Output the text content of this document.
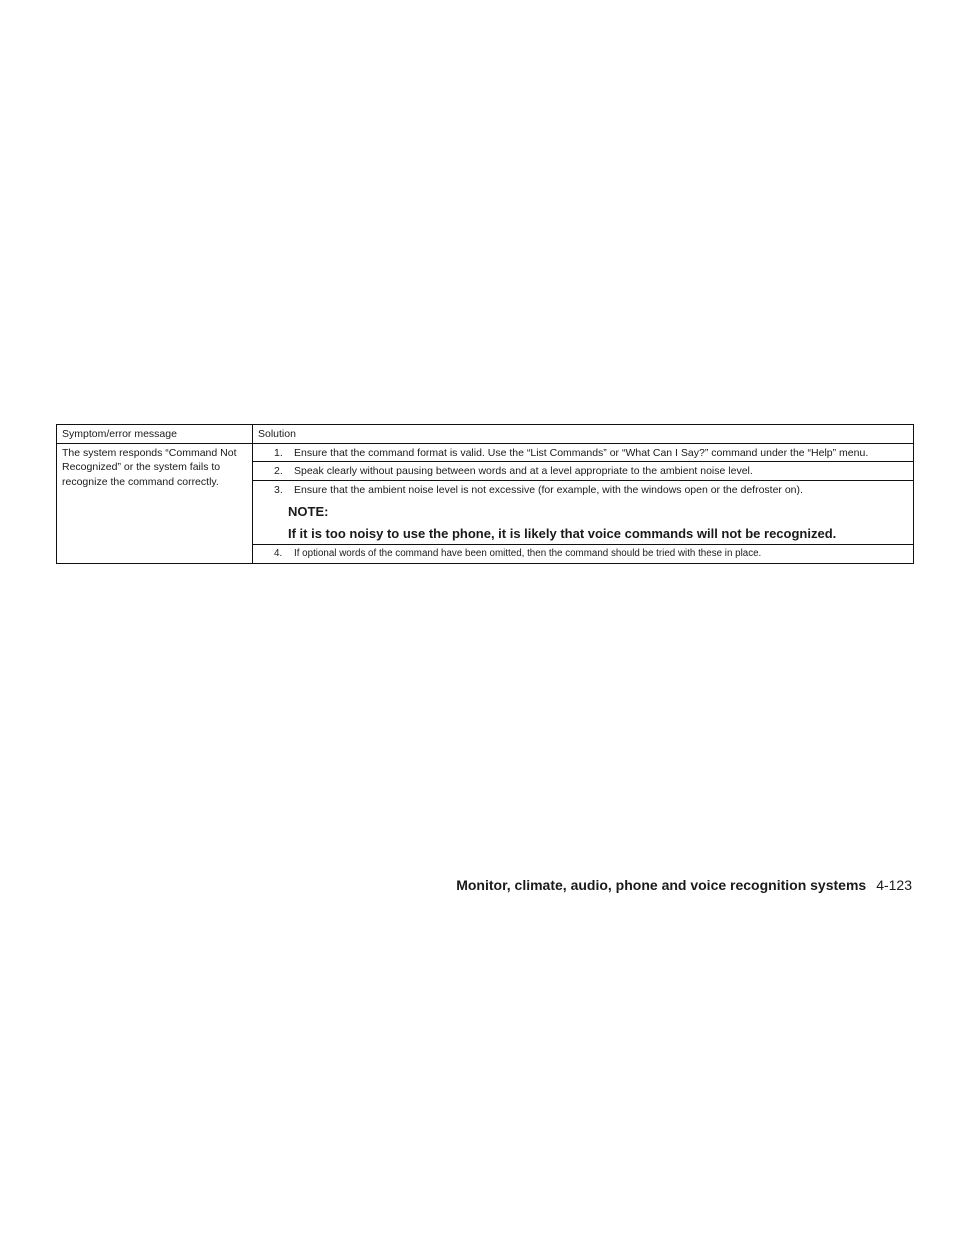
Symptom/error message	Solution
The system responds “Command Not Recognized” or the system fails to recognize the command correctly.	1. Ensure that the command format is valid. Use the “List Commands” or “What Can I Say?” command under the “Help” menu.

	2. Speak clearly without pausing between words and at a level appropriate to the ambient noise level.

	3. Ensure that the ambient noise level is not excessive (for example, with the windows open or the defroster on).
NOTE:
If it is too noisy to use the phone, it is likely that voice commands will not be recognized.

	4. If optional words of the command have been omitted, then the command should be tried with these in place.
Monitor, climate, audio, phone and voice recognition systems 4-123
